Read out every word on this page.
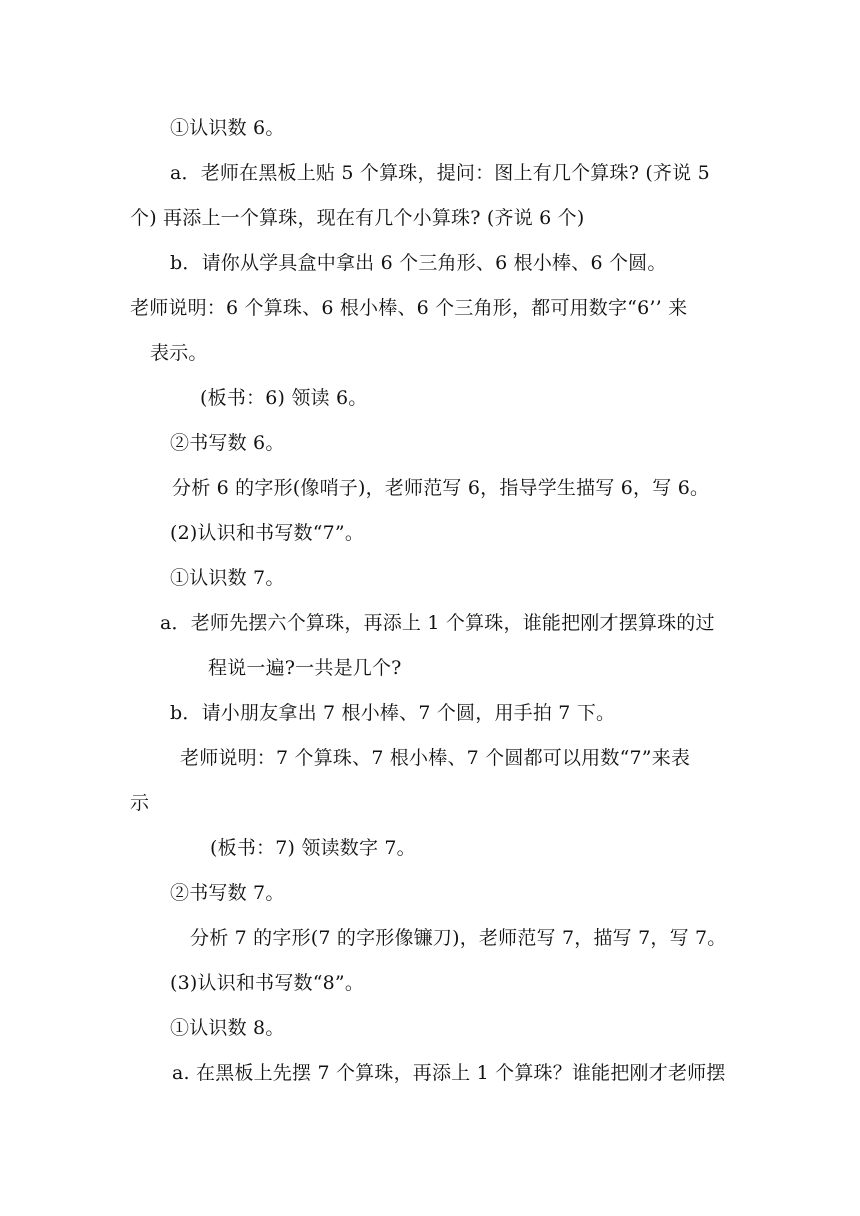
①认识数 6。
a．老师在黑板上贴 5 个算珠，提问：图上有几个算珠? (齐说 5
个) 再添上一个算珠，现在有几个小算珠? (齐说 6 个)
b．请你从学具盒中拿出 6 个三角形、6 根小棒、6 个圆。
老师说明：6 个算珠、6 根小棒、6 个三角形，都可用数字“6’’ 来
表示。
(板书：6) 领读 6。
②书写数 6。
分析 6 的字形(像哨子)，老师范写 6，指导学生描写 6，写 6。
(2)认识和书写数“7”。
①认识数 7。
a．老师先摆六个算珠，再添上 1 个算珠，谁能把刚才摆算珠的过
程说一遍?一共是几个?
b．请小朋友拿出 7 根小棒、7 个圆，用手拍 7 下。
老师说明：7 个算珠、7 根小棒、7 个圆都可以用数“7”来表
示
(板书：7) 领读数字 7。
②书写数 7。
分析 7 的字形(7 的字形像镰刀)，老师范写 7，描写 7，写 7。
(3)认识和书写数“8”。
①认识数 8。
a. 在黑板上先摆 7 个算珠，再添上 1 个算珠？谁能把刚才老师摆
